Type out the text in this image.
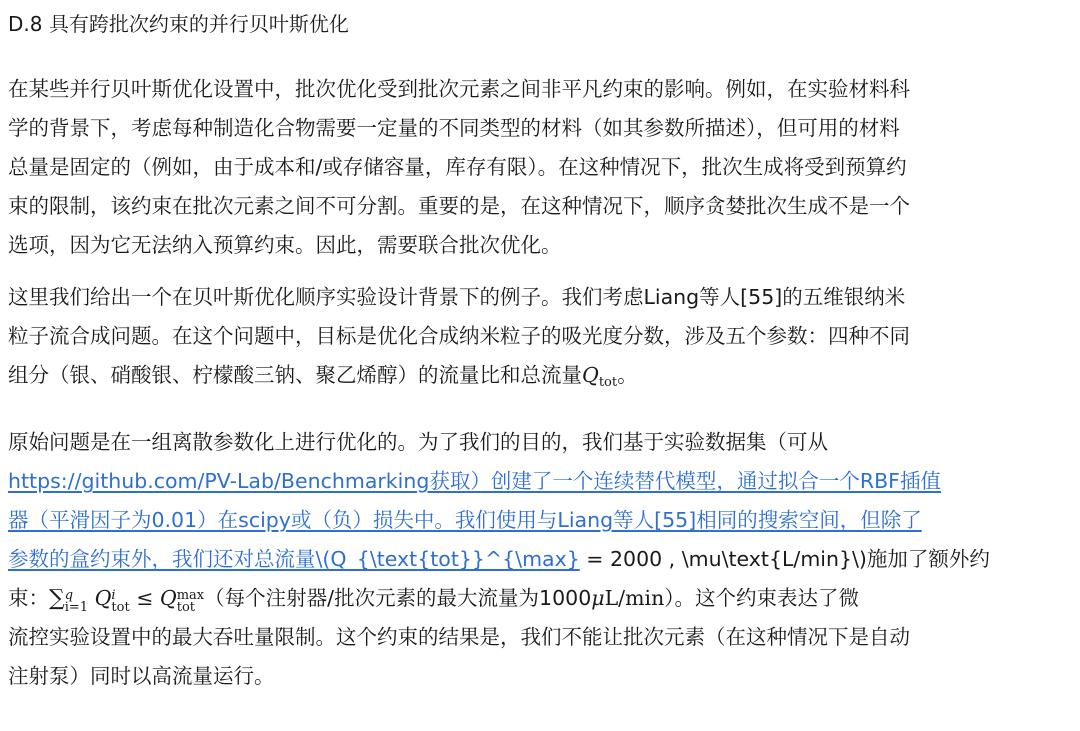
D.8 具有跨批次约束的并行贝叶斯优化

在某些并行贝叶斯优化设置中，批次优化受到批次元素之间非平凡约束的影响。例如，在实验材料科
学的背景下，考虑每种制造化合物需要一定量的不同类型的材料（如其参数所描述），但可用的材料
总量是固定的（例如，由于成本和/或存储容量，库存有限）。在这种情况下，批次生成将受到预算约
束的限制，该约束在批次元素之间不可分割。重要的是，在这种情况下，顺序贪婪批次生成不是一个
选项，因为它无法纳入预算约束。因此，需要联合批次优化。

这里我们给出一个在贝叶斯优化顺序实验设计背景下的例子。我们考虑Liang等人[55]的五维银纳米
粒子流合成问题。在这个问题中，目标是优化合成纳米粒子的吸光度分数，涉及五个参数：四种不同
组分（银、硝酸银、柠檬酸三钠、聚乙烯醇）的流量比和总流量$Q_{tot}$。

原始问题是在一组离散参数化上进行优化的。为了我们的目的，我们基于实验数据集（可从
https://github.com/PV-Lab/Benchmarking获取）创建了一个连续替代模型，通过拟合一个RBF插值
器（平滑因子为0.01）在scipy或（负）损失中。我们使用与Liang等人[55]相同的搜索空间，但除了
参数的盒约束外，我们还对总流量\(Q_{\text{tot}}^{\max} = 2000 , \mu\text{L/min}\)施加了额外约
束：∑ q
i=1 Q i
tot ≤ Q max
tot （每个注射器/批次元素的最大流量为1000μL/min）。这个约束表达了微
流控实验设置中的最大吞吐量限制。这个约束的结果是，我们不能让批次元素（在这种情况下是自动
注射泵）同时以高流量运行。
